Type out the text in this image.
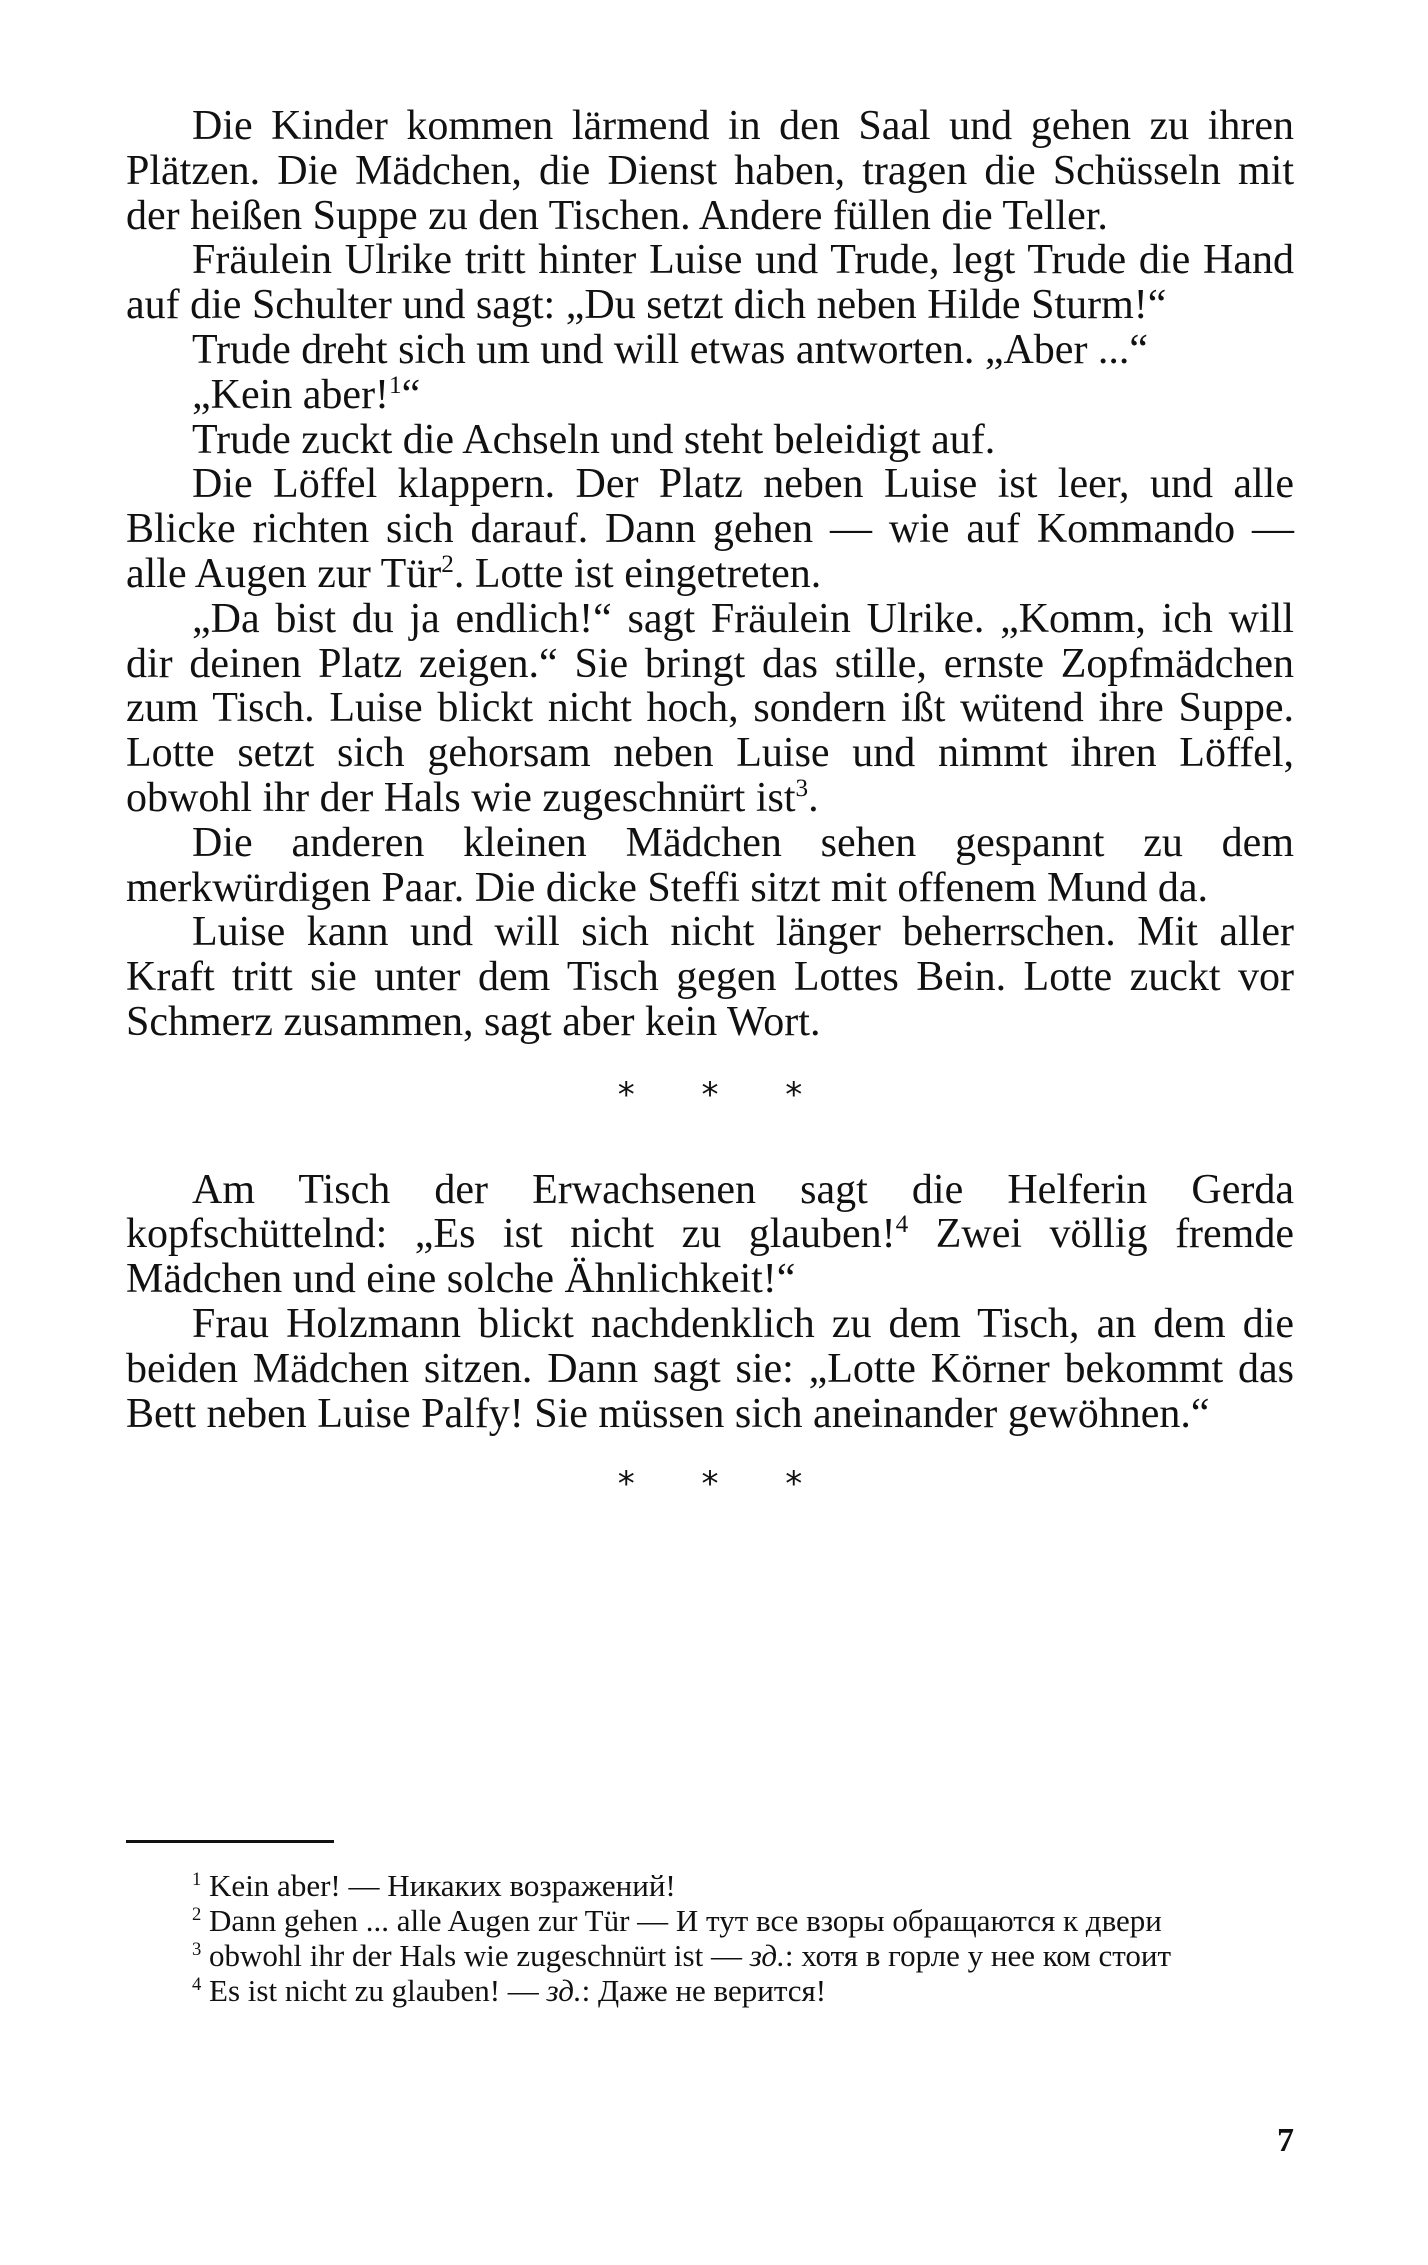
Die Kinder kommen lärmend in den Saal und gehen zu ihren Plätzen. Die Mädchen, die Dienst haben, tragen die Schüsseln mit der heißen Suppe zu den Tischen. Andere füllen die Teller.

Fräulein Ulrike tritt hinter Luise und Trude, legt Trude die Hand auf die Schulter und sagt: „Du setzt dich neben Hilde Sturm!“

Trude dreht sich um und will etwas antworten. „Aber ...“

„Kein aber!$^1$“

Trude zuckt die Achseln und steht beleidigt auf.

Die Löffel klappern. Der Platz neben Luise ist leer, und alle Blicke richten sich darauf. Dann gehen — wie auf Kommando — alle Augen zur Tür$^2$. Lotte ist eingetreten.

„Da bist du ja endlich!“ sagt Fräulein Ulrike. „Komm, ich will dir deinen Platz zeigen.“ Sie bringt das stille, ernste Zopfmädchen zum Tisch. Luise blickt nicht hoch, sondern ißt wütend ihre Suppe. Lotte setzt sich gehorsam neben Luise und nimmt ihren Löffel, obwohl ihr der Hals wie zugeschnürt ist$^3$.

Die anderen kleinen Mädchen sehen gespannt zu dem merkwürdigen Paar. Die dicke Steffi sitzt mit offenem Mund da.

Luise kann und will sich nicht länger beherrschen. Mit aller Kraft tritt sie unter dem Tisch gegen Lottes Bein. Lotte zuckt vor Schmerz zusammen, sagt aber kein Wort.

* * *

Am Tisch der Erwachsenen sagt die Helferin Gerda kopfschüttelnd: „Es ist nicht zu glauben!$^4$ Zwei völlig fremde Mädchen und eine solche Ähnlichkeit!“

Frau Holzmann blickt nachdenklich zu dem Tisch, an dem die beiden Mädchen sitzen. Dann sagt sie: „Lotte Körner bekommt das Bett neben Luise Palfy! Sie müssen sich aneinander gewöhnen.“

* * *

$^1$ Kein aber! — Никаких возражений!

$^2$ Dann gehen ... alle Augen zur Tür — И тут все взоры обращаются к двери

$^3$ obwohl ihr der Hals wie zugeschnürt ist — зд.: хотя в горле у нее ком стоит

$^4$ Es ist nicht zu glauben! — зд.: Даже не верится!

7
